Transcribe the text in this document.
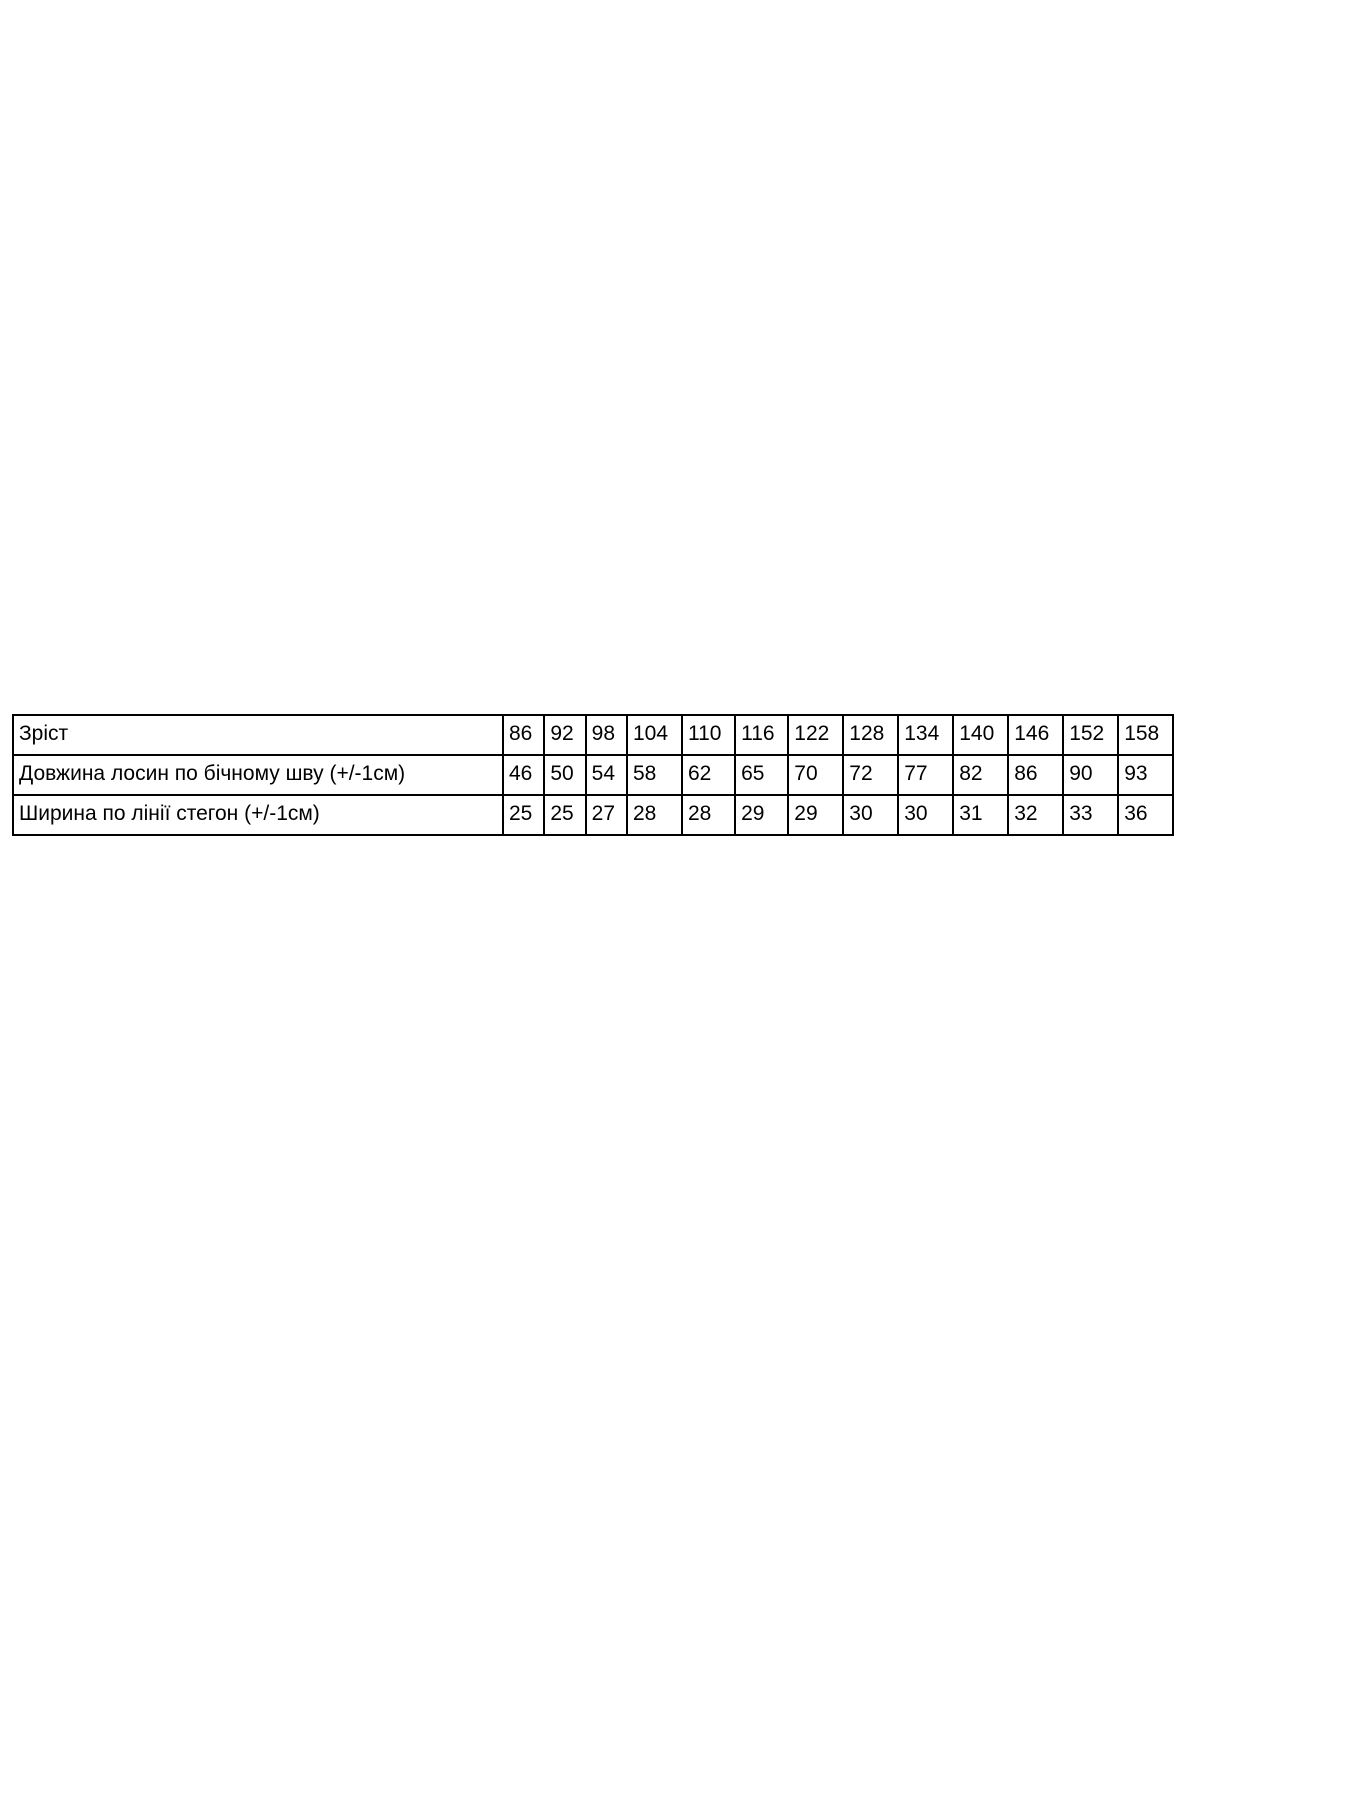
Зріст	86	92	98	104	110	116	122	128	134	140	146	152	158
Довжина лосин по бічному шву (+/-1см)	46	50	54	58	62	65	70	72	77	82	86	90	93
Ширина по лінії стегон (+/-1см)	25	25	27	28	28	29	29	30	30	31	32	33	36
